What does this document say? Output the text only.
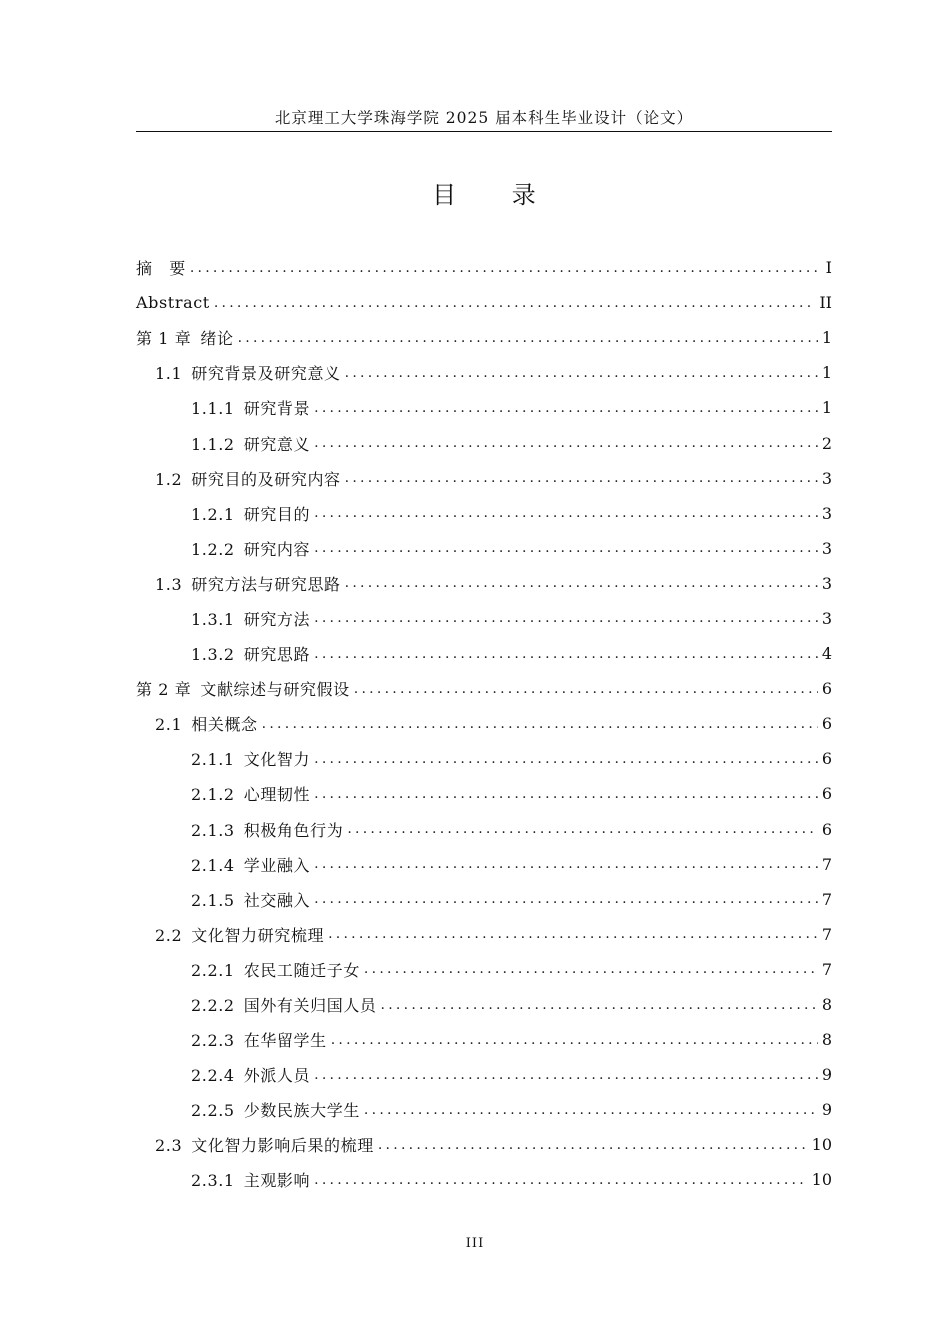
北京理工大学珠海学院 2025 届本科生毕业设计（论文）
目 录
摘　要 . . .	I
Abstract . . .	II
第 1 章 绪论 . . .	1
1.1 研究背景及研究意义 . . .	1
1.1.1 研究背景 . . .	1
1.1.2 研究意义 . . .	2
1.2 研究目的及研究内容 . . .	3
1.2.1 研究目的 . . .	3
1.2.2 研究内容 . . .	3
1.3 研究方法与研究思路 . . .	3
1.3.1 研究方法 . . .	3
1.3.2 研究思路 . . .	4
第 2 章 文献综述与研究假设 . . .	6
2.1 相关概念 . . .	6
2.1.1 文化智力 . . .	6
2.1.2 心理韧性 . . .	6
2.1.3 积极角色行为 . . .	6
2.1.4 学业融入 . . .	7
2.1.5 社交融入 . . .	7
2.2 文化智力研究梳理 . . .	7
2.2.1 农民工随迁子女 . . .	7
2.2.2 国外有关归国人员 . . .	8
2.2.3 在华留学生 . . .	8
2.2.4 外派人员 . . .	9
2.2.5 少数民族大学生 . . .	9
2.3 文化智力影响后果的梳理 . . .	10
2.3.1 主观影响 . . .	10
III
